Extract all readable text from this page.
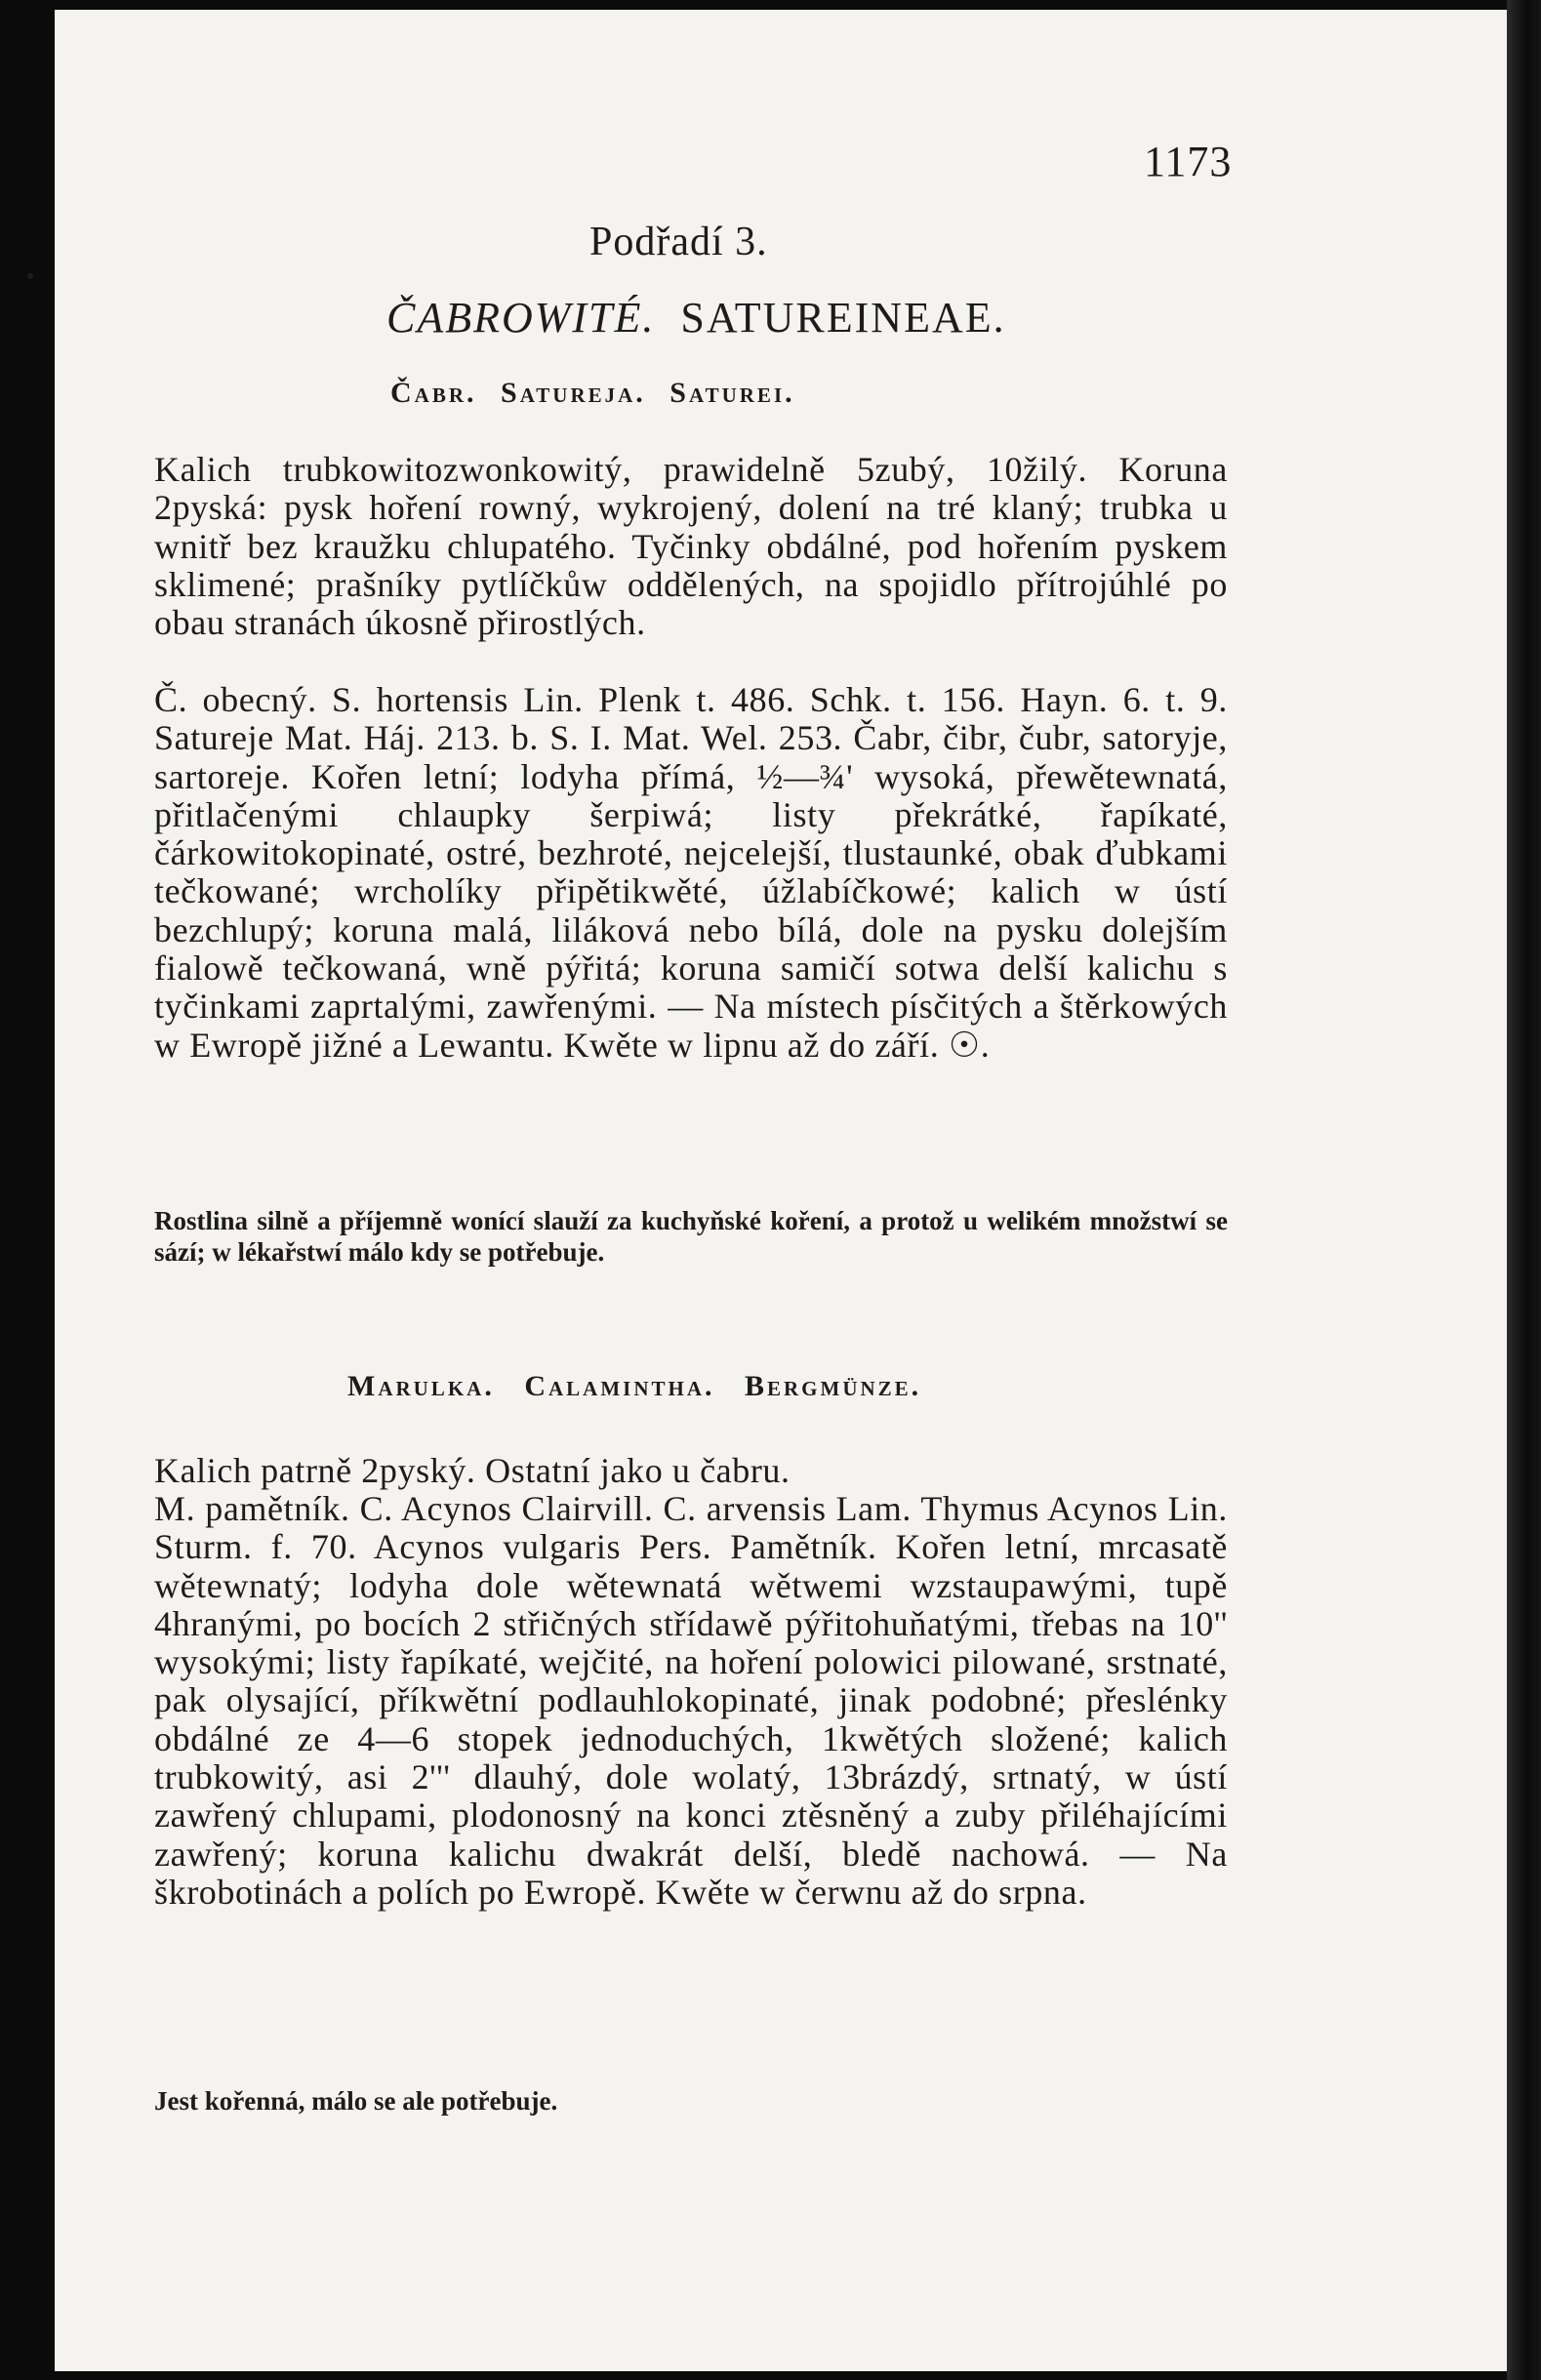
1173
Podřadí 3.
ČABROWITÉ. SATUREINEAE.
Čabr. Satureja. Saturei.

Kalich trubkowitozwonkowitý, prawidelně 5zubý, 10žilý. Koruna 2pyská: pysk hoření rowný, wykrojený, dolení na tré klaný; trubka u wnitř bez kraužku chlupatého. Tyčinky obdálné, pod hořením pyskem sklimené; prašníky pytlíčkůw oddělených, na spojidlo přítrojúhlé po obau stranách úkosně přirostlých.

Č. obecný. S. hortensis Lin. Plenk t. 486. Schk. t. 156. Hayn. 6. t. 9. Satureje Mat. Háj. 213. b. S. I. Mat. Wel. 253. Čabr, čibr, čubr, satoryje, sartoreje. Kořen letní; lodyha přímá, ½—¾' wysoká, přewětewnatá, přitlačenými chlaupky šerpiwá; listy překrátké, řapíkaté, čárkowitokopinaté, ostré, bezhroté, nejcelejší, tlustaunké, obak ďubkami tečkowané; wrcholíky připětikwěté, úžlabíčkowé; kalich w ústí bezchlupý; koruna malá, liláková nebo bílá, dole na pysku dolejším fialowě tečkowaná, wně pýřitá; koruna samičí sotwa delší kalichu s tyčinkami zaprtalými, zawřenými. — Na místech písčitých a štěrkowých w Ewropě jižné a Lewantu. Kwěte w lipnu až do září. ☉.

Rostlina silně a příjemně wonící slauží za kuchyňské koření, a protož u welikém množstwí se sází; w lékařstwí málo kdy se potřebuje.

Marulka. Calamintha. Bergmünze.

Kalich patrně 2pyský. Ostatní jako u čabru.

M. pamětník. C. Acynos Clairvill. C. arvensis Lam. Thymus Acynos Lin. Sturm. f. 70. Acynos vulgaris Pers. Pamětník. Kořen letní, mrcasatě wětewnatý; lodyha dole wětewnatá wětwemi wzstaupawými, tupě 4hranými, po bocích 2 střičných střídawě pýřitohuňatými, třebas na 10'' wysokými; listy řapíkaté, wejčité, na hoření polowici pilowané, srstnaté, pak olysající, příkwětní podlauhlokopinaté, jinak podobné; přeslénky obdálné ze 4—6 stopek jednoduchých, 1kwětých složené; kalich trubkowitý, asi 2''' dlauhý, dole wolatý, 13brázdý, srtnatý, w ústí zawřený chlupami, plodonosný na konci ztěsněný a zuby přiléhajícími zawřený; koruna kalichu dwakrát delší, bledě nachowá. — Na škrobotinách a polích po Ewropě. Kwěte w čerwnu až do srpna.

Jest kořenná, málo se ale potřebuje.
